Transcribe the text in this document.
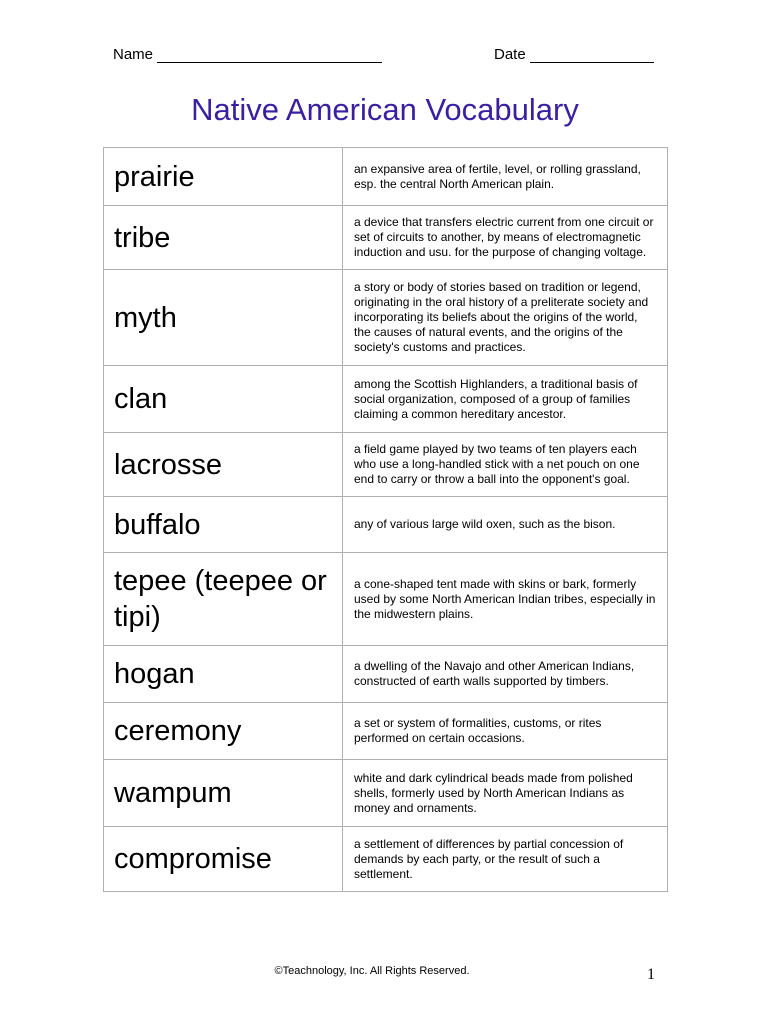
Name	Date
Native American Vocabulary
prairie	an expansive area of fertile, level, or rolling grassland, esp. the central North American plain.
tribe	a device that transfers electric current from one circuit or set of circuits to another, by means of electromagnetic induction and usu. for the purpose of changing voltage.
myth	a story or body of stories based on tradition or legend, originating in the oral history of a preliterate society and incorporating its beliefs about the origins of the world, the causes of natural events, and the origins of the society's customs and practices.
clan	among the Scottish Highlanders, a traditional basis of social organization, composed of a group of families claiming a common hereditary ancestor.
lacrosse	a field game played by two teams of ten players each who use a long-handled stick with a net pouch on one end to carry or throw a ball into the opponent's goal.
buffalo	any of various large wild oxen, such as the bison.
tepee (teepee or tipi)	a cone-shaped tent made with skins or bark, formerly used by some North American Indian tribes, especially in the midwestern plains.
hogan	a dwelling of the Navajo and other American Indians, constructed of earth walls supported by timbers.
ceremony	a set or system of formalities, customs, or rites performed on certain occasions.
wampum	white and dark cylindrical beads made from polished shells, formerly used by North American Indians as money and ornaments.
compromise	a settlement of differences by partial concession of demands by each party, or the result of such a settlement.
©Teachnology, Inc. All Rights Reserved.	1
